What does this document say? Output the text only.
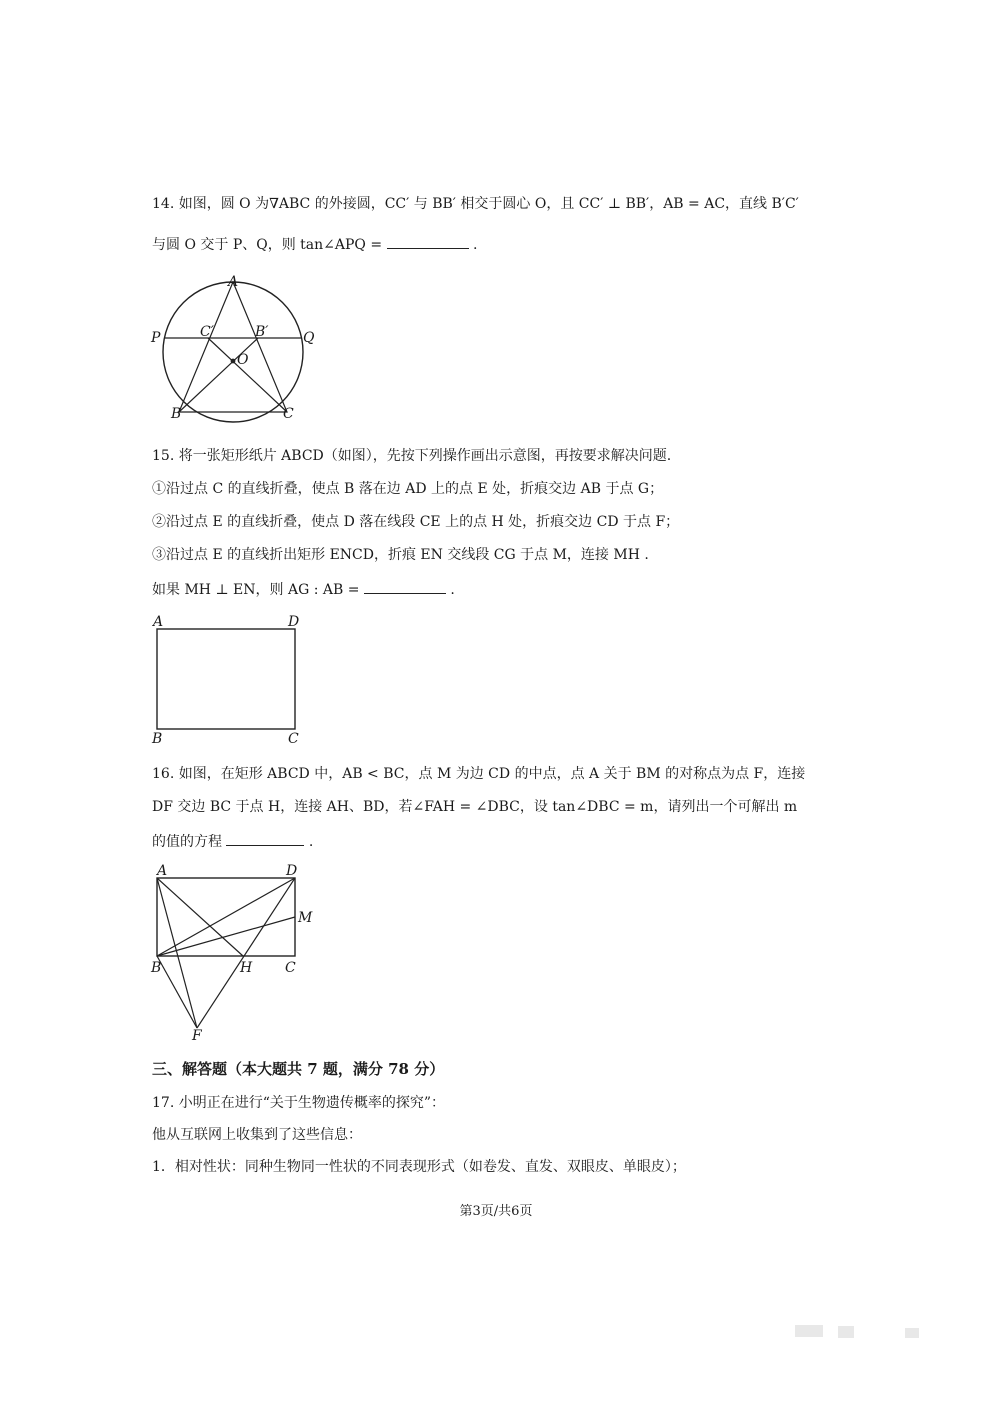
14. 如图，圆 O 为∇ABC 的外接圆，CC′ 与 BB′ 相交于圆心 O，且 CC′ ⊥ BB′，AB = AC，直线 B′C′
与圆 O 交于 P、Q，则 tan∠APQ =	.
A
P	Q
C′	B′
O
B	C
15. 将一张矩形纸片 ABCD（如图），先按下列操作画出示意图，再按要求解决问题.
①沿过点 C 的直线折叠，使点 B 落在边 AD 上的点 E 处，折痕交边 AB 于点 G；
②沿过点 E 的直线折叠，使点 D 落在线段 CE 上的点 H 处，折痕交边 CD 于点 F；
③沿过点 E 的直线折出矩形 ENCD，折痕 EN 交线段 CG 于点 M，连接 MH .
如果 MH ⊥ EN，则 AG : AB =	.
A	D
B	C
16. 如图，在矩形 ABCD 中，AB < BC，点 M 为边 CD 的中点，点 A 关于 BM 的对称点为点 F，连接
DF 交边 BC 于点 H，连接 AH、BD，若∠FAH = ∠DBC，设 tan∠DBC = m，请列出一个可解出 m
的值的方程	.
A	D
M
B	H C
F
三、解答题（本大题共 7 题，满分 78 分）
17. 小明正在进行“关于生物遗传概率的探究”：
他从互联网上收集到了这些信息：
1．相对性状：同种生物同一性状的不同表现形式（如卷发、直发、双眼皮、单眼皮）；
第3页/共6页
